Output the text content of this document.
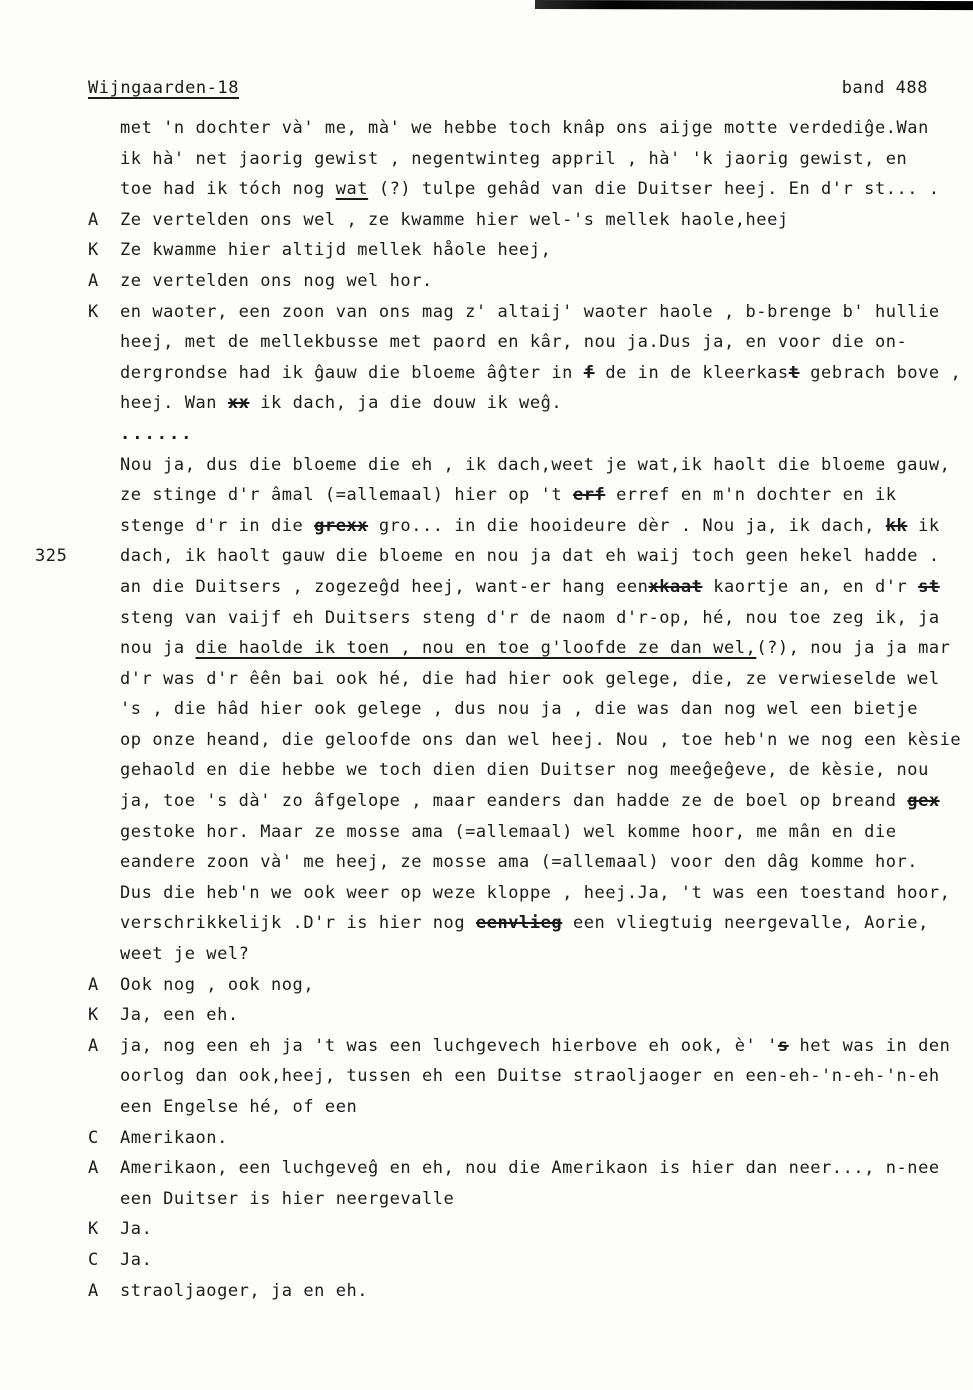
Wijngaarden-18	band 488
met 'n dochter và' me, mà' we hebbe toch knâp ons aijge motte verdediĝe.Wan
ik hà' net jaorig gewist , negentwinteg appril , hà' 'k jaorig gewist, en
toe had ik tóch nog wat (?) tulpe gehâd van die Duitser heej. En d'r st... .
A	Ze vertelden ons wel , ze kwamme hier wel-'s mellek haole,heej
K	Ze kwamme hier altijd mellek håole heej,
A	ze vertelden ons nog wel hor.
K	en waoter, een zoon van ons mag z' altaij' waoter haole , b-brenge b' hullie
heej, met de mellekbusse met paord en kâr, nou ja.Dus ja, en voor die on-
dergrondse had ik ĝauw die bloeme âĝter in f de in de kleerkast gebrach bove ,
heej. Wan xx ik dach, ja die douw ik weĝ.
......
Nou ja, dus die bloeme die eh , ik dach,weet je wat,ik haolt die bloeme gauw,
ze stinge d'r âmal (=allemaal) hier op 't erf erref en m'n dochter en ik
stenge d'r in die grexx gro... in die hooideure dèr . Nou ja, ik dach, kk ik
325	dach, ik haolt gauw die bloeme en nou ja dat eh waij toch geen hekel hadde .
an die Duitsers , zogezeĝd heej, want-er hang eenxkaat kaortje an, en d'r st
steng van vaijf eh Duitsers steng d'r de naom d'r-op, hé, nou toe zeg ik, ja
nou ja die haolde ik toen , nou en toe g'loofde ze dan wel,(?), nou ja ja mar
d'r was d'r êên bai ook hé, die had hier ook gelege, die, ze verwieselde wel
's , die hâd hier ook gelege , dus nou ja , die was dan nog wel een bietje
op onze heand, die geloofde ons dan wel heej. Nou , toe heb'n we nog een kèsie
gehaold en die hebbe we toch dien dien Duitser nog meeĝeĝeve, de kèsie, nou
ja, toe 's dà' zo âfgelope , maar eanders dan hadde ze de boel op breand gex
gestoke hor. Maar ze mosse ama (=allemaal) wel komme hoor, me mân en die
eandere zoon và' me heej, ze mosse ama (=allemaal) voor den dâg komme hor.
Dus die heb'n we ook weer op weze kloppe , heej.Ja, 't was een toestand hoor,
verschrikkelijk .D'r is hier nog eenvlieg een vliegtuig neergevalle, Aorie,
weet je wel?
A	Ook nog , ook nog,
K	Ja, een eh.
A	ja, nog een eh ja 't was een luchgevech hierbove eh ook, è' 's het was in den
oorlog dan ook,heej, tussen eh een Duitse straoljaoger en een-eh-'n-eh-'n-eh
een Engelse hé, of een
C	Amerikaon.
A	Amerikaon, een luchgeveĝ en eh, nou die Amerikaon is hier dan neer..., n-nee
een Duitser is hier neergevalle
K	Ja.
C	Ja.
A	straoljaoger, ja en eh.
